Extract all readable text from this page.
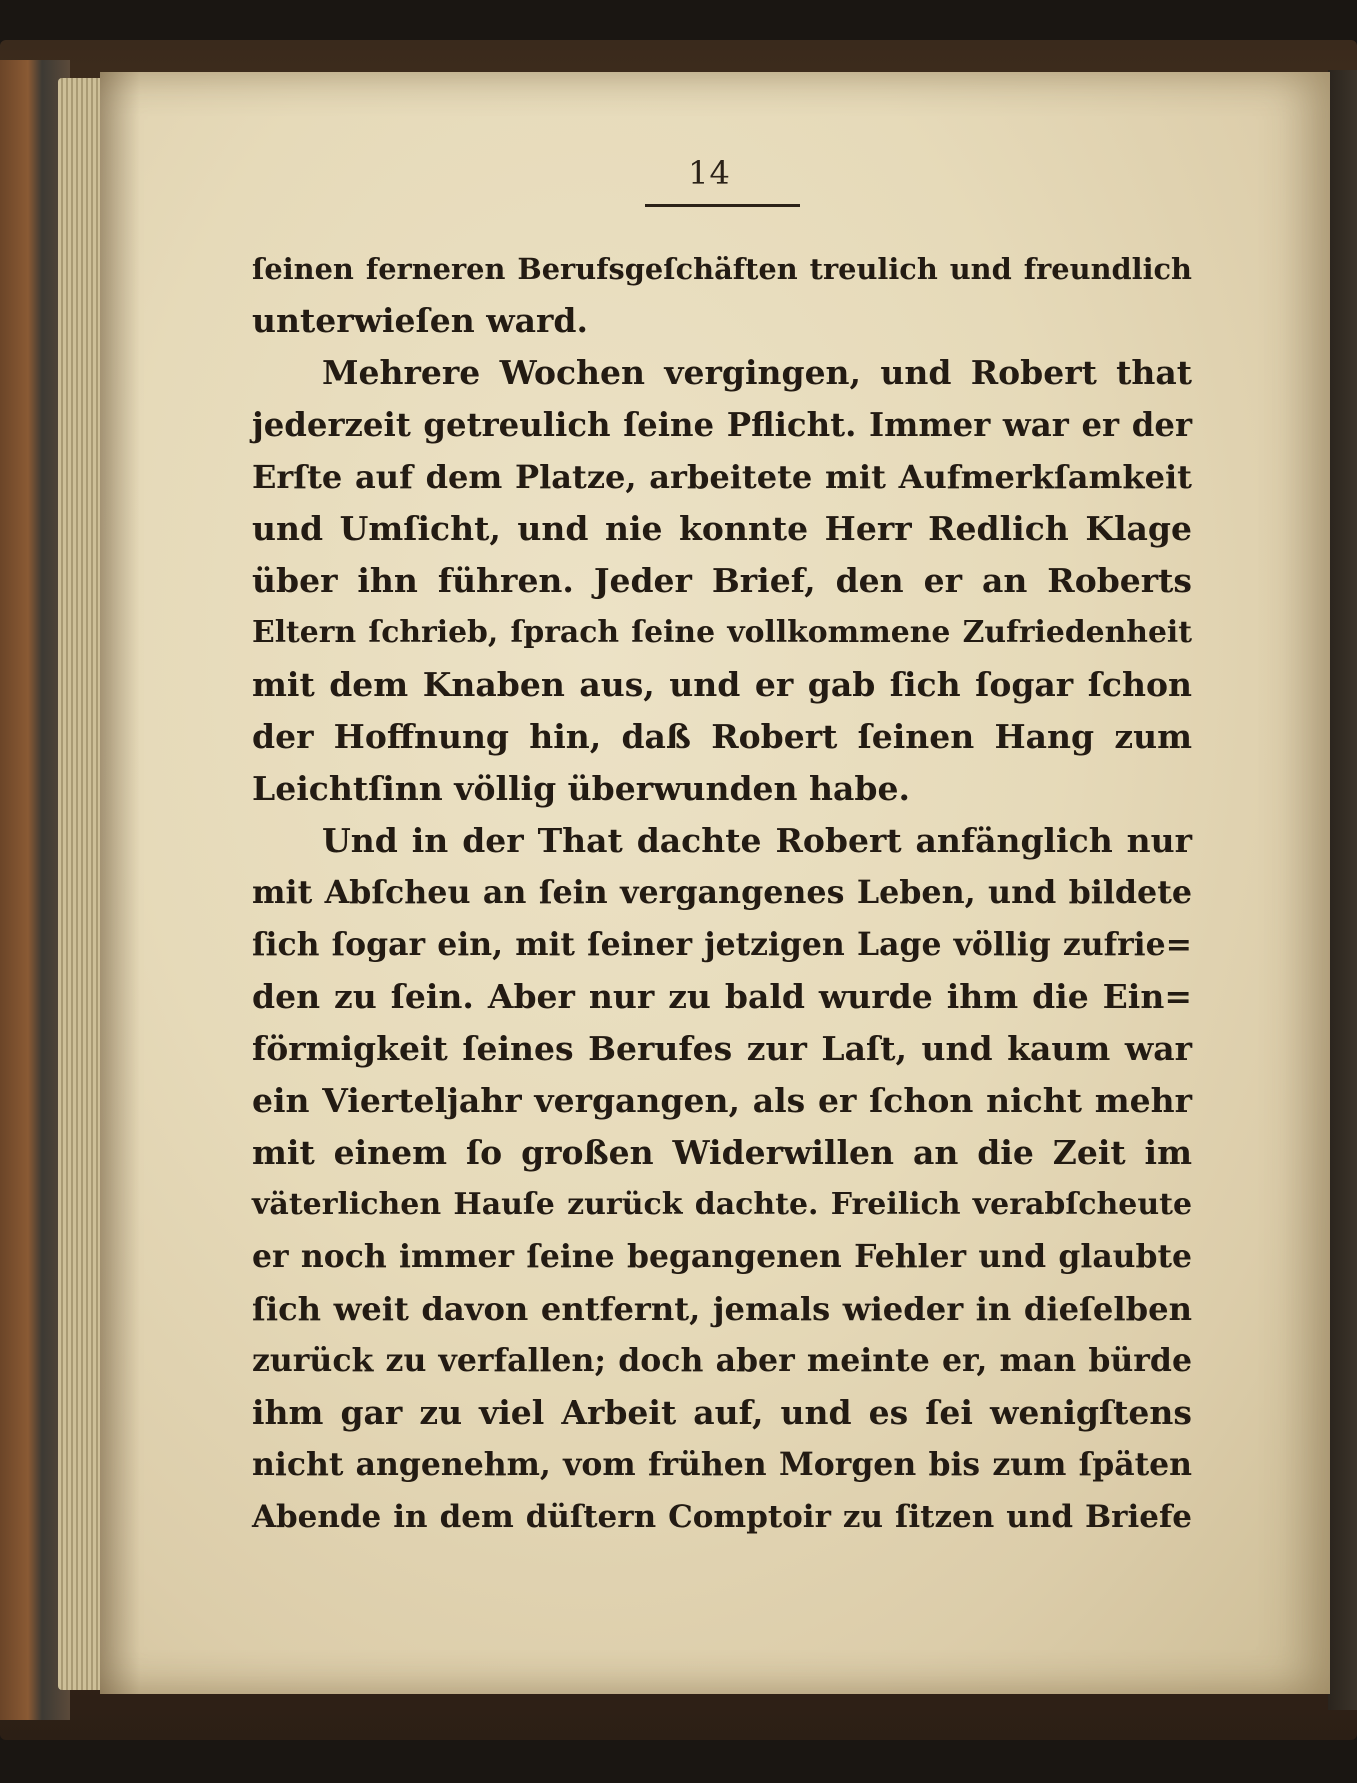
14
ſeinen ferneren Berufsgeſchäften treulich und freundlich
unterwieſen ward.
Mehrere Wochen vergingen, und Robert that
jederzeit getreulich ſeine Pflicht. Immer war er der
Erſte auf dem Platze, arbeitete mit Aufmerkſamkeit
und Umſicht, und nie konnte Herr Redlich Klage
über ihn führen. Jeder Brief, den er an Roberts
Eltern ſchrieb, ſprach ſeine vollkommene Zufriedenheit
mit dem Knaben aus, und er gab ſich ſogar ſchon
der Hoffnung hin, daß Robert ſeinen Hang zum
Leichtſinn völlig überwunden habe.
Und in der That dachte Robert anfänglich nur
mit Abſcheu an ſein vergangenes Leben, und bildete
ſich ſogar ein, mit ſeiner jetzigen Lage völlig zufrie=
den zu ſein. Aber nur zu bald wurde ihm die Ein=
förmigkeit ſeines Berufes zur Laſt, und kaum war
ein Vierteljahr vergangen, als er ſchon nicht mehr
mit einem ſo großen Widerwillen an die Zeit im
väterlichen Hauſe zurück dachte. Freilich verabſcheute
er noch immer ſeine begangenen Fehler und glaubte
ſich weit davon entfernt, jemals wieder in dieſelben
zurück zu verfallen; doch aber meinte er, man bürde
ihm gar zu viel Arbeit auf, und es ſei wenigſtens
nicht angenehm, vom frühen Morgen bis zum ſpäten
Abende in dem düſtern Comptoir zu ſitzen und Briefe
